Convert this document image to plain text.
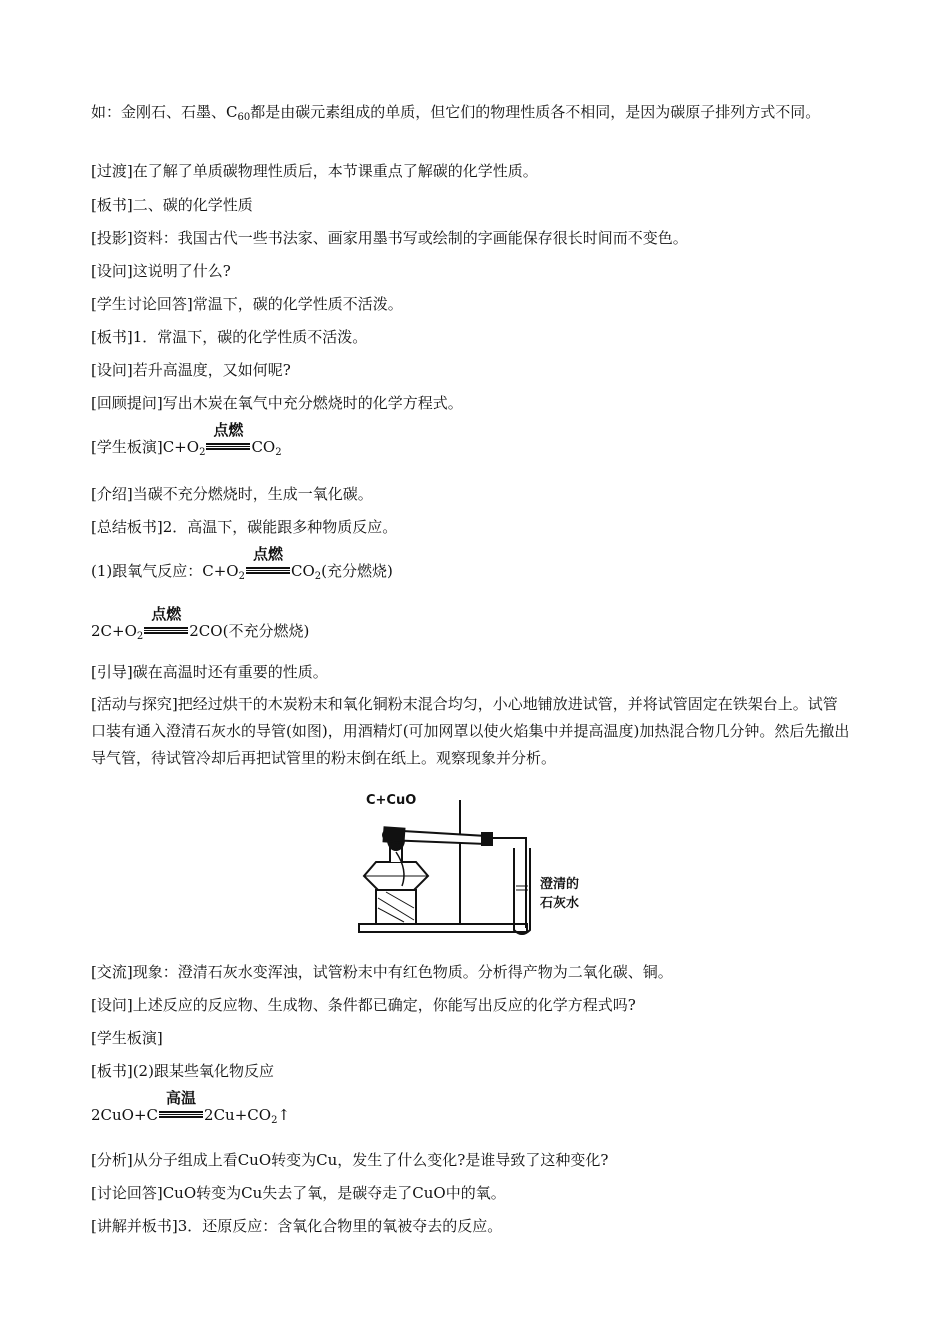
如：金刚石、石墨、$C_{60}$都是由碳元素组成的单质，但它们的物理性质各不相同，是因为碳原子排列方式不同。
[过渡]在了解了单质碳物理性质后，本节课重点了解碳的化学性质。
[板书]二、碳的化学性质
[投影]资料：我国古代一些书法家、画家用墨书写或绘制的字画能保存很长时间而不变色。
[设问]这说明了什么?
[学生讨论回答]常温下，碳的化学性质不活泼。
[板书]1．常温下，碳的化学性质不活泼。
[设问]若升高温度，又如何呢?
[回顾提问]写出木炭在氧气中充分燃烧时的化学方程式。
[学生板演]$C+O_2$
点燃
$CO_2$
[介绍]当碳不充分燃烧时，生成一氧化碳。
[总结板书]2．高温下，碳能跟多种物质反应。
(1)跟氧气反应：$C+O_2$
点燃
$CO_2$(充分燃烧)
$2C+O_2$
点燃
2CO(不充分燃烧)
[引导]碳在高温时还有重要的性质。
[活动与探究]把经过烘干的木炭粉末和氧化铜粉末混合均匀，小心地铺放进试管，并将试管固定在铁架台上。试管口装有通入澄清石灰水的导管(如图)，用酒精灯(可加网罩以使火焰集中并提高温度)加热混合物几分钟。然后先撤出导气管，待试管冷却后再把试管里的粉末倒在纸上。观察现象并分析。
C+CuO
澄清的
石灰水
[交流]现象：澄清石灰水变浑浊，试管粉末中有红色物质。分析得产物为二氧化碳、铜。
[设问]上述反应的反应物、生成物、条件都已确定，你能写出反应的化学方程式吗?
[学生板演]
[板书](2)跟某些氧化物反应
2CuO+C
高温
$2Cu+CO_2↑$
[分析]从分子组成上看CuO转变为Cu，发生了什么变化?是谁导致了这种变化?
[讨论回答]CuO转变为Cu失去了氧，是碳夺走了CuO中的氧。
[讲解并板书]3．还原反应：含氧化合物里的氧被夺去的反应。
